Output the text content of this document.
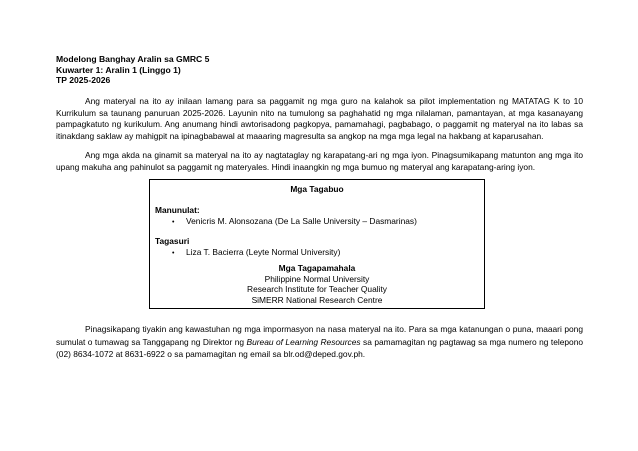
Modelong Banghay Aralin sa GMRC 5
Kuwarter 1: Aralin 1 (Linggo 1)
TP 2025-2026

Ang materyal na ito ay inilaan lamang para sa paggamit ng mga guro na kalahok sa pilot implementation ng MATATAG K to 10 Kurrikulum sa taunang panuruan 2025-2026. Layunin nito na tumulong sa paghahatid ng mga nilalaman, pamantayan, at mga kasanayang pampagkatuto ng kurikulum. Ang anumang hindi awtorisadong pagkopya, pamamahagi, pagbabago, o paggamit ng materyal na ito labas sa itinakdang saklaw ay mahigpit na ipinagbabawal at maaaring magresulta sa angkop na mga mga legal na hakbang at kaparusahan.

Ang mga akda na ginamit sa materyal na ito ay nagtataglay ng karapatang-ari ng mga iyon. Pinagsumikapang matunton ang mga ito upang makuha ang pahinulot sa paggamit ng materyales. Hindi inaangkin ng mga bumuo ng materyal ang karapatang-aring iyon.

Mga Tagabuo
Manunulat:
• Venicris M. Alonsozana (De La Salle University – Dasmarinas)
Tagasuri
• Liza T. Bacierra (Leyte Normal University)
Mga Tagapamahala
Philippine Normal University
Research Institute for Teacher Quality
SiMERR National Research Centre

Pinagsikapang tiyakin ang kawastuhan ng mga impormasyon na nasa materyal na ito. Para sa mga katanungan o puna, maaari pong sumulat o tumawag sa Tanggapang ng Direktor ng Bureau of Learning Resources sa pamamagitan ng pagtawag sa mga numero ng telepono (02) 8634-1072 at 8631-6922 o sa pamamagitan ng email sa blr.od@deped.gov.ph.
